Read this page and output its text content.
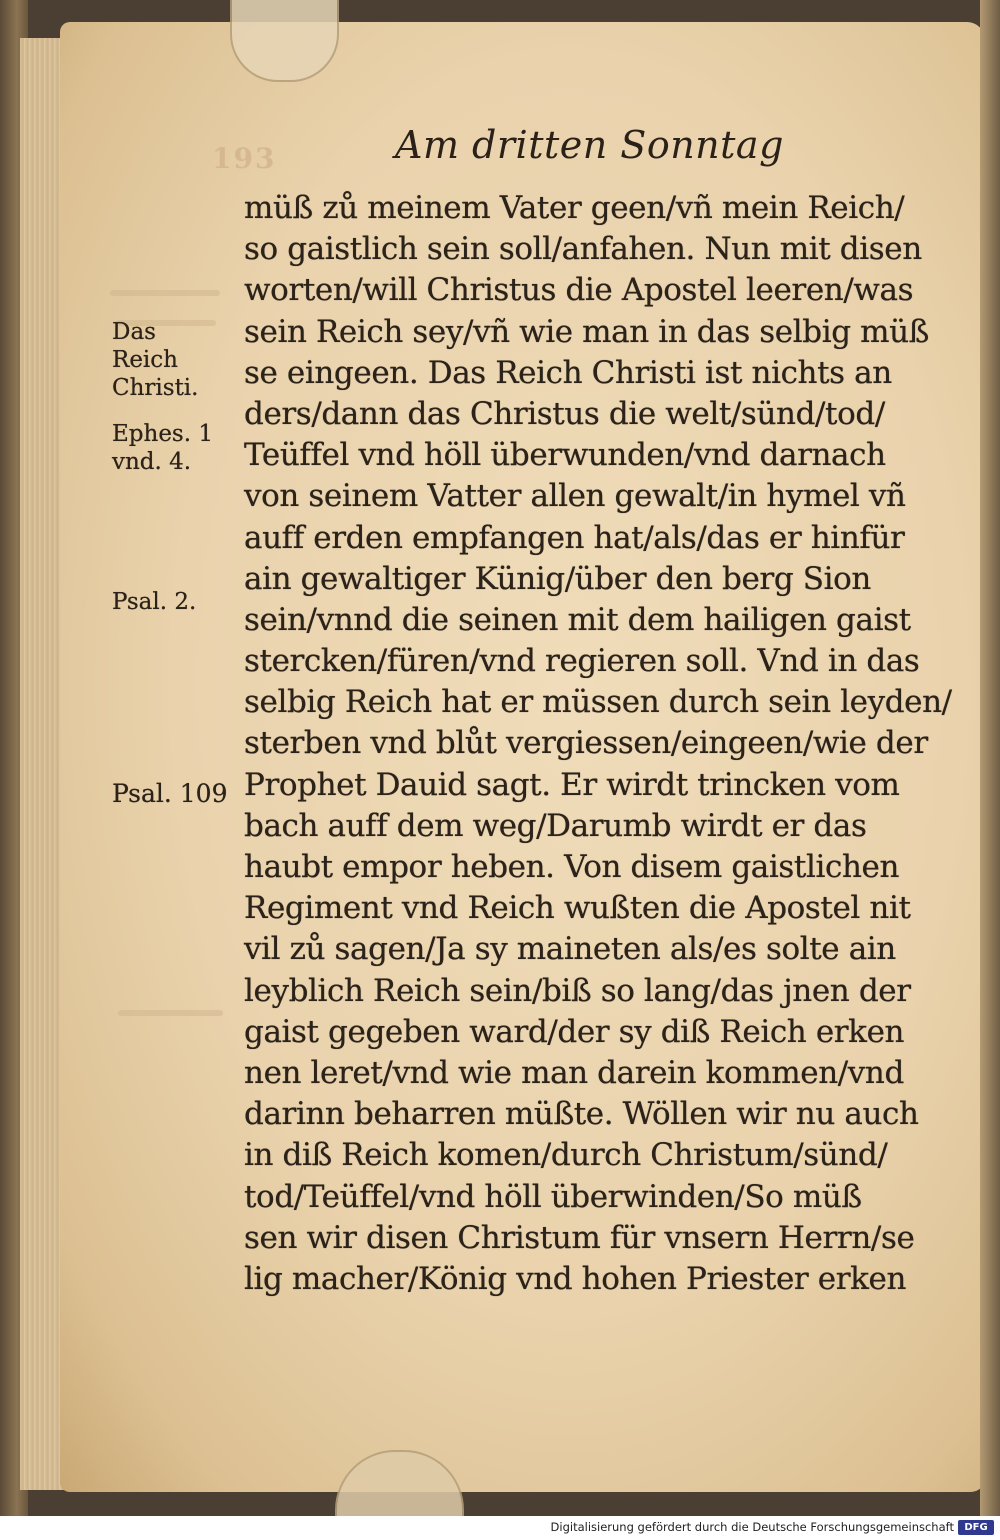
193	Am dritten Sonntag
Das
Reich
Christi.
Ephes. 1
vnd. 4.
Psal. 2.
Psal. 109
müß zů meinem Vater geen/vñ mein Reich/
so gaistlich sein soll/anfahen. Nun mit disen
worten/will Christus die Apostel leeren/was
sein Reich sey/vñ wie man in das selbig müß
se eingeen. Das Reich Christi ist nichts an
ders/dann das Christus die welt/sünd/tod/
Teüffel vnd höll überwunden/vnd darnach
von seinem Vatter allen gewalt/in hymel vñ
auff erden empfangen hat/als/das er hinfür
ain gewaltiger Künig/über den berg Sion
sein/vnnd die seinen mit dem hailigen gaist
stercken/füren/vnd regieren soll. Vnd in das
selbig Reich hat er müssen durch sein leyden/
sterben vnd blůt vergiessen/eingeen/wie der
Prophet Dauid sagt. Er wirdt trincken vom
bach auff dem weg/Darumb wirdt er das
haubt empor heben. Von disem gaistlichen
Regiment vnd Reich wußten die Apostel nit
vil zů sagen/Ja sy maineten als/es solte ain
leyblich Reich sein/biß so lang/das jnen der
gaist gegeben ward/der sy diß Reich erken
nen leret/vnd wie man darein kommen/vnd
darinn beharren müßte. Wöllen wir nu auch
in diß Reich komen/durch Christum/sünd/
tod/Teüffel/vnd höll überwinden/So müß
sen wir disen Christum für vnsern Herrn/se
lig macher/König vnd hohen Priester erken
Digitalisierung gefördert durch die Deutsche Forschungsgemeinschaft	DFG
